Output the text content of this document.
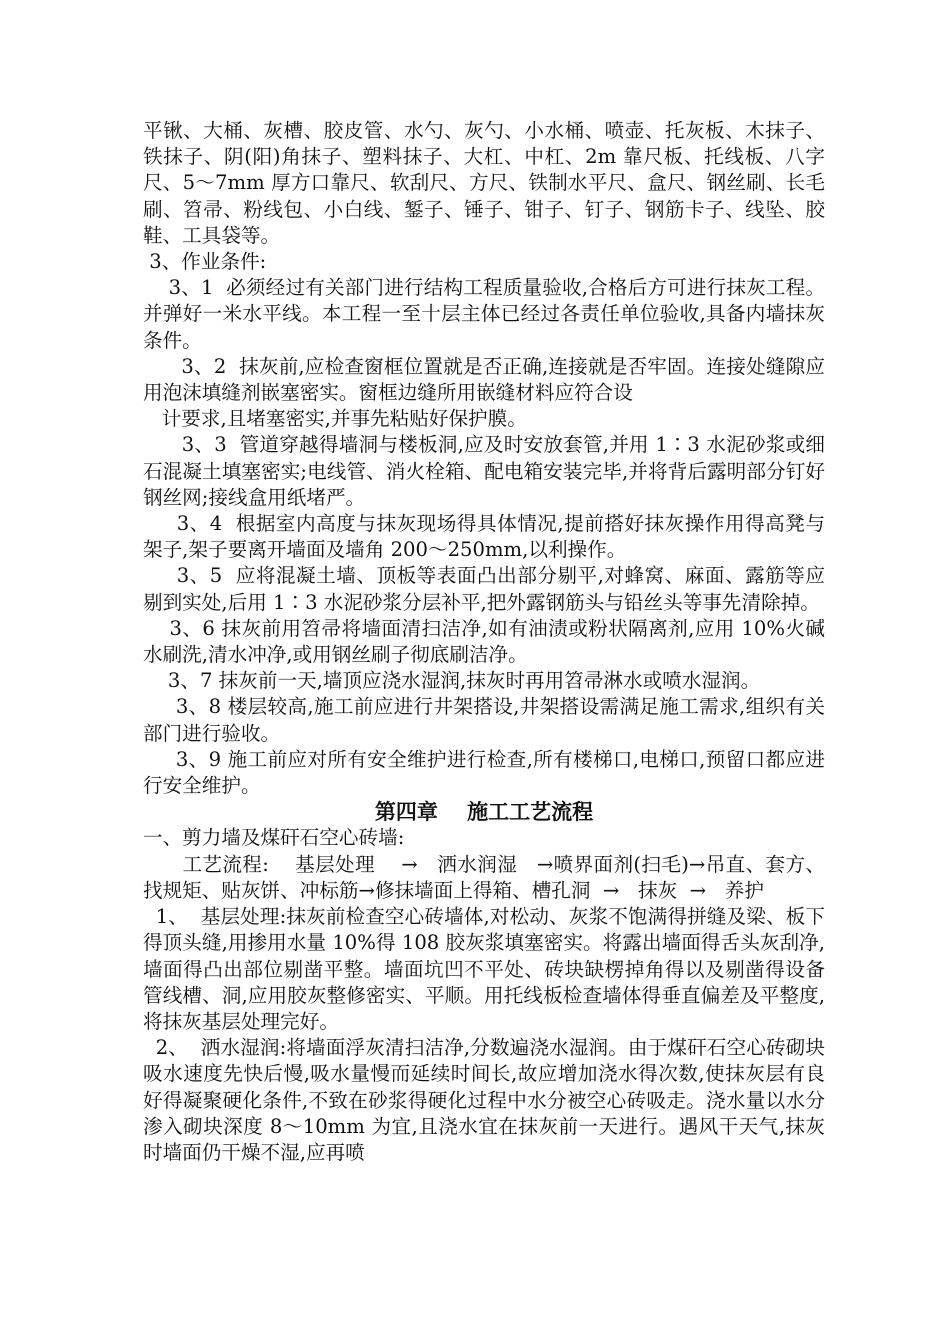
平锹、大桶、灰槽、胶皮管、水勺、灰勺、小水桶、喷壶、托灰板、木抹子、铁抹子、阴(阳)角抹子、塑料抹子、大杠、中杠、2m 靠尺板、托线板、八字尺、5～7mm 厚方口靠尺、软刮尺、方尺、铁制水平尺、盒尺、钢丝刷、长毛刷、笤帚、粉线包、小白线、錾子、锤子、钳子、钉子、钢筋卡子、线坠、胶鞋、工具袋等。

3、作业条件:

3、1  必须经过有关部门进行结构工程质量验收,合格后方可进行抹灰工程。并弹好一米水平线。本工程一至十层主体已经过各责任单位验收,具备内墙抹灰条件。

3、2  抹灰前,应检查窗框位置就是否正确,连接就是否牢固。连接处缝隙应用泡沫填缝剂嵌塞密实。窗框边缝所用嵌缝材料应符合设

计要求,且堵塞密实,并事先粘贴好保护膜。

3、3  管道穿越得墙洞与楼板洞,应及时安放套管,并用 1∶3 水泥砂浆或细石混凝土填塞密实;电线管、消火栓箱、配电箱安装完毕,并将背后露明部分钉好钢丝网;接线盒用纸堵严。

3、4  根据室内高度与抹灰现场得具体情况,提前搭好抹灰操作用得高凳与架子,架子要离开墙面及墙角 200～250mm,以利操作。

3、5  应将混凝土墙、顶板等表面凸出部分剔平,对蜂窝、麻面、露筋等应剔到实处,后用 1∶3 水泥砂浆分层补平,把外露钢筋头与铅丝头等事先清除掉。

3、6 抹灰前用笤帚将墙面清扫洁净,如有油渍或粉状隔离剂,应用 10%火碱水刷洗,清水冲净,或用钢丝刷子彻底刷洁净。

3、7 抹灰前一天,墙顶应浇水湿润,抹灰时再用笤帚淋水或喷水湿润。

3、8 楼层较高,施工前应进行井架搭设,井架搭设需满足施工需求,组织有关部门进行验收。

3、9 施工前应对所有安全维护进行检查,所有楼梯口,电梯口,预留口都应进行安全维护。

第四章    施工工艺流程

一、剪力墙及煤矸石空心砖墙:

工艺流程:    基层处理    →   洒水润湿   →喷界面剂(扫毛)→吊直、套方、找规矩、贴灰饼、冲标筋→修抹墙面上得箱、槽孔洞  →   抹灰  →   养护

1、  基层处理:抹灰前检查空心砖墙体,对松动、灰浆不饱满得拼缝及梁、板下得顶头缝,用掺用水量 10%得 108 胶灰浆填塞密实。将露出墙面得舌头灰刮净,墙面得凸出部位剔凿平整。墙面坑凹不平处、砖块缺楞掉角得以及剔凿得设备管线槽、洞,应用胶灰整修密实、平顺。用托线板检查墙体得垂直偏差及平整度,将抹灰基层处理完好。

2、  洒水湿润:将墙面浮灰清扫洁净,分数遍浇水湿润。由于煤矸石空心砖砌块吸水速度先快后慢,吸水量慢而延续时间长,故应增加浇水得次数,使抹灰层有良好得凝聚硬化条件,不致在砂浆得硬化过程中水分被空心砖吸走。浇水量以水分渗入砌块深度 8～10mm 为宜,且浇水宜在抹灰前一天进行。遇风干天气,抹灰时墙面仍干燥不湿,应再喷
